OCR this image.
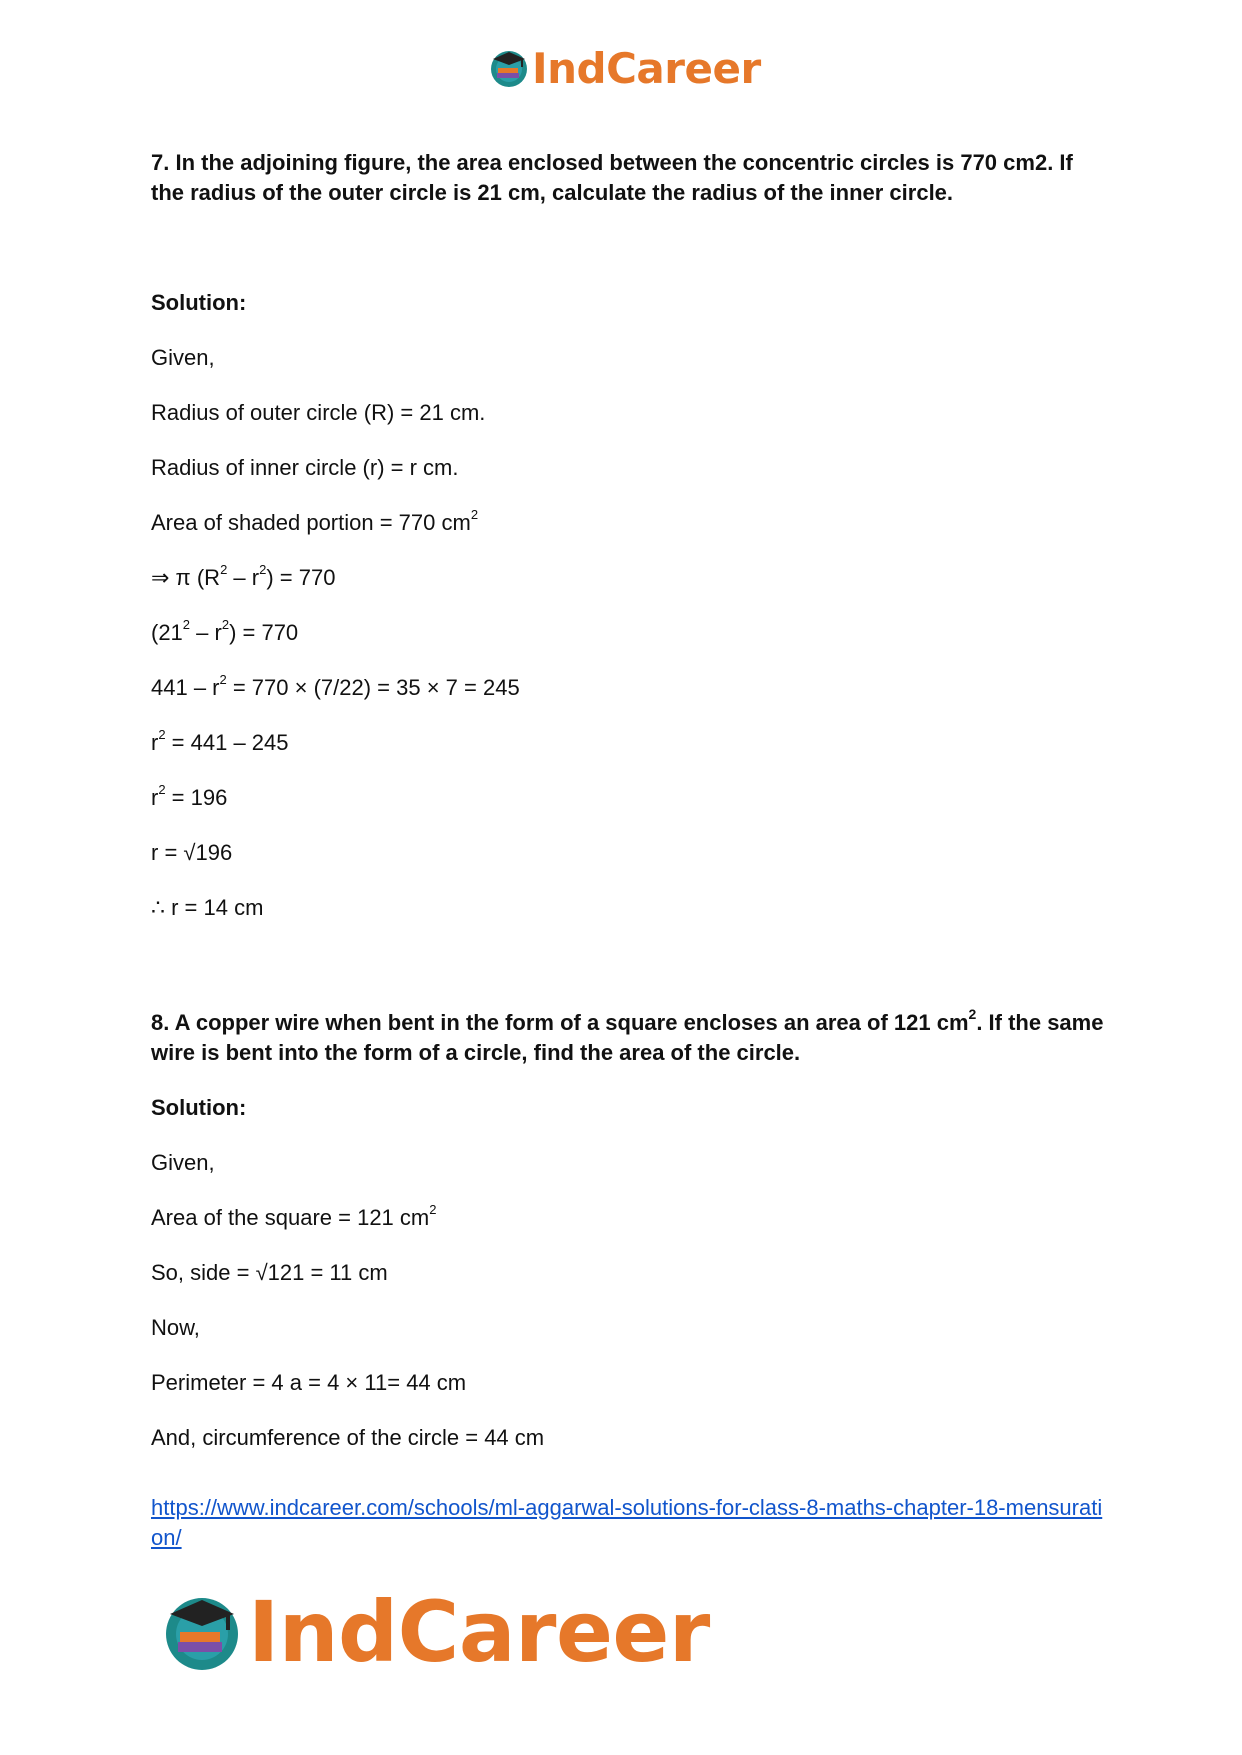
IndCareer

7. In the adjoining figure, the area enclosed between the concentric circles is 770 cm2. If the radius of the outer circle is 21 cm, calculate the radius of the inner circle.

Solution:

Given,

Radius of outer circle (R) = 21 cm.

Radius of inner circle (r) = r cm.

Area of shaded portion = 770 $cm^2$

⇒ π $(R^2 - r^2) = 770$

$(21^2 - r^2) = 770$

$441 - r^2 = 770 \times (7/22) = 35 \times 7 = 245$

$r^2 = 441 - 245$

$r^2 = 196$

r = √196

∴ r = 14 cm

8. A copper wire when bent in the form of a square encloses an area of 121 $cm^2$. If the same wire is bent into the form of a circle, find the area of the circle.

Solution:

Given,

Area of the square = 121 $cm^2$

So, side = √121 = 11 cm

Now,

Perimeter = 4 a = 4 × 11= 44 cm

And, circumference of the circle = 44 cm

https://www.indcareer.com/schools/ml-aggarwal-solutions-for-class-8-maths-chapter-18-mensuration/
IndCareer
